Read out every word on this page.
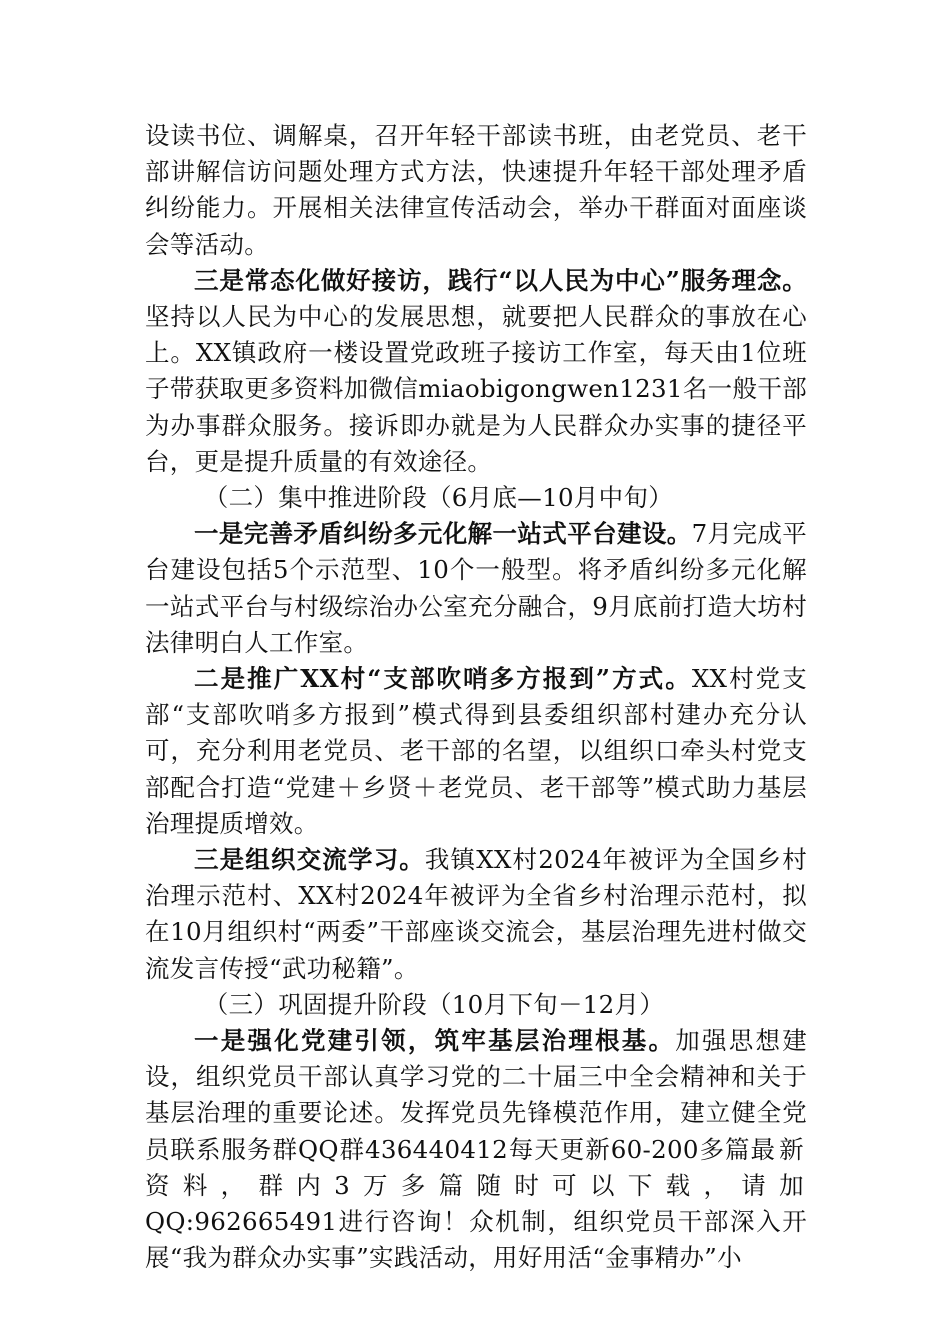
设读书位、调解桌，召开年轻干部读书班，由老党员、老干部讲解信访问题处理方式方法，快速提升年轻干部处理矛盾纠纷能力。开展相关法律宣传活动会，举办干群面对面座谈会等活动。

三是常态化做好接访，践行“以人民为中心”服务理念。坚持以人民为中心的发展思想，就要把人民群众的事放在心上。XX镇政府一楼设置党政班子接访工作室，每天由1位班子带获取更多资料加微信miaobigongwen1231名一般干部为办事群众服务。接诉即办就是为人民群众办实事的捷径平台，更是提升质量的有效途径。

（二）集中推进阶段（6月底—10月中旬）

一是完善矛盾纠纷多元化解一站式平台建设。7月完成平台建设包括5个示范型、10个一般型。将矛盾纠纷多元化解一站式平台与村级综治办公室充分融合，9月底前打造大坊村法律明白人工作室。

二是推广XX村“支部吹哨多方报到”方式。XX村党支部“支部吹哨多方报到”模式得到县委组织部村建办充分认可，充分利用老党员、老干部的名望，以组织口牵头村党支部配合打造“党建＋乡贤＋老党员、老干部等”模式助力基层治理提质增效。

三是组织交流学习。我镇XX村2024年被评为全国乡村治理示范村、XX村2024年被评为全省乡村治理示范村，拟在10月组织村“两委”干部座谈交流会，基层治理先进村做交流发言传授“武功秘籍”。

（三）巩固提升阶段（10月下旬－12月）

一是强化党建引领，筑牢基层治理根基。加强思想建设，组织党员干部认真学习党的二十届三中全会精神和关于基层治理的重要论述。发挥党员先锋模范作用，建立健全党员联系服务群QQ群436440412每天更新60-200多篇最新资料，群内3万多篇随时可以下载，请加QQ:962665491进行咨询！众机制，组织党员干部深入开展“我为群众办实事”实践活动，用好用活“金事精办”小
